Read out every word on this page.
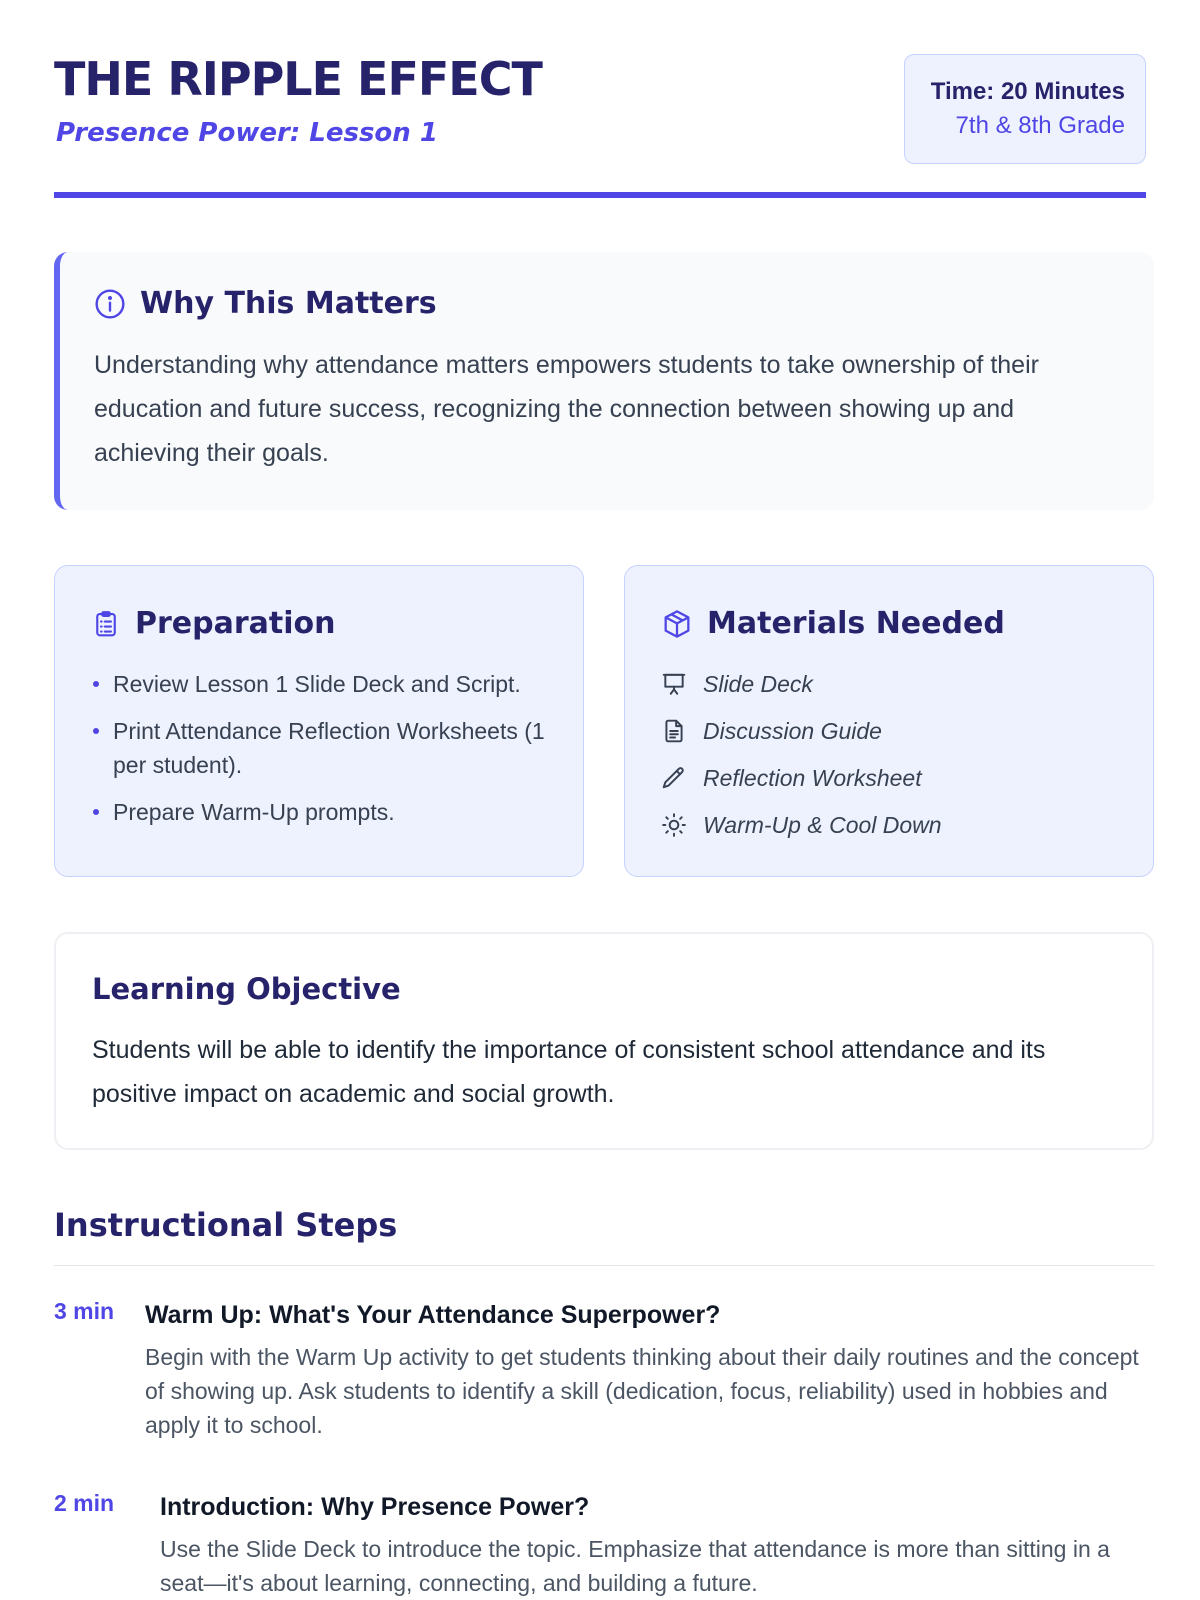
THE RIPPLE EFFECT
Presence Power: Lesson 1
Time: 20 Minutes
7th & 8th Grade
Why This Matters

Understanding why attendance matters empowers students to take ownership of their education and future success, recognizing the connection between showing up and achieving their goals.

Preparation
Review Lesson 1 Slide Deck and Script.
Print Attendance Reflection Worksheets (1 per student).
Prepare Warm-Up prompts.
Materials Needed
Slide Deck
Discussion Guide
Reflection Worksheet
Warm-Up & Cool Down
Learning Objective

Students will be able to identify the importance of consistent school attendance and its positive impact on academic and social growth.

Instructional Steps
3 min Warm Up: What's Your Attendance Superpower?

Begin with the Warm Up activity to get students thinking about their daily routines and the concept of showing up. Ask students to identify a skill (dedication, focus, reliability) used in hobbies and apply it to school.

2 min Introduction: Why Presence Power?

Use the Slide Deck to introduce the topic. Emphasize that attendance is more than sitting in a seat—it's about learning, connecting, and building a future.
